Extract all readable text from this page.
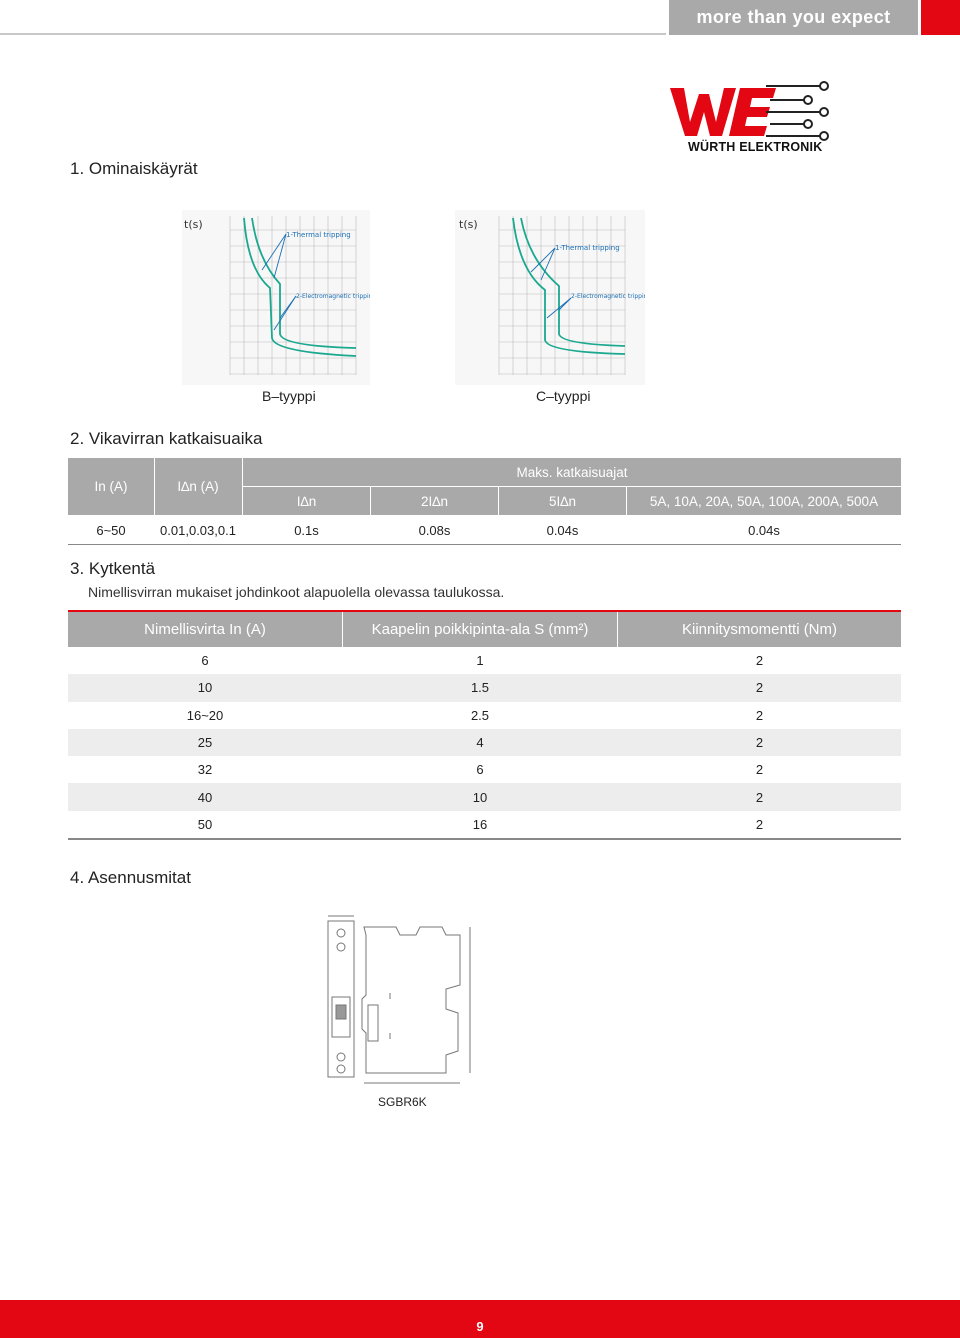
more than you expect
WÜRTH ELEKTRONIK
1. Ominaiskäyrät
t(s)
1-Thermal tripping
2-Electromagnetic tripping
B–tyyppi
t(s)
1-Thermal tripping
2-Electromagnetic tripping
C–tyyppi
2. Vikavirran katkaisuaika
In (A)	I∆n (A)
Maks. katkaisuajat
I∆n	2I∆n	5I∆n	5A, 10A, 20A, 50A, 100A, 200A, 500A
6~50	0.01,0.03,0.1	0.1s	0.08s	0.04s	0.04s
3. Kytkentä
Nimellisvirran mukaiset johdinkoot alapuolella olevassa taulukossa.
Nimellisvirta In (A)	Kaapelin poikkipinta-ala S (mm²)	Kiinnitysmomentti (Nm)
6	1	2
10	1.5	2
16~20	2.5	2
25	4	2
32	6	2
40	10	2
50	16	2
4. Asennusmitat
SGBR6K
9
